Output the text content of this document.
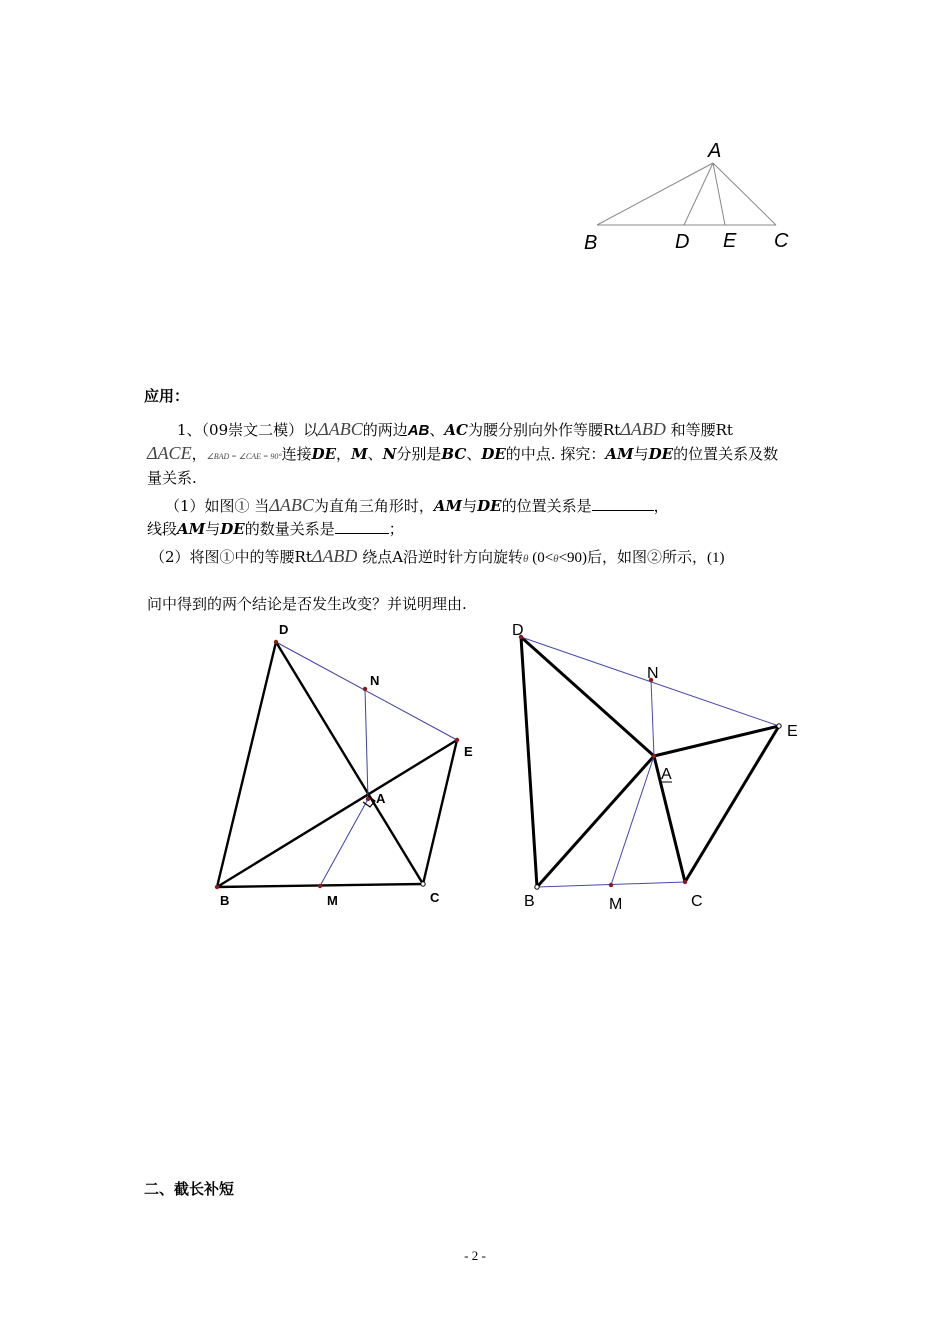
A
B	D E C
应用：
1、（09崇文二模）以ΔABC的两边AB、AC为腰分别向外作等腰RtΔABD 和等腰Rt
ΔACE，∠BAD = ∠CAE = 90°连接DE，M、N分别是BC、DE的中点. 探究：AM与DE的位置关系及数
量关系.
（1）如图① 当ΔABC为直角三角形时，AM与DE的位置关系是	，
线段AM与DE的数量关系是	；
（2）将图①中的等腰RtΔABD 绕点A沿逆时针方向旋转θ (0<θ<90)后，如图②所示，(1)
问中得到的两个结论是否发生改变？并说明理由.
D
N
E
A
B	M	C
D
N
E
A
B	M	C
二、截长补短
- 2 -
